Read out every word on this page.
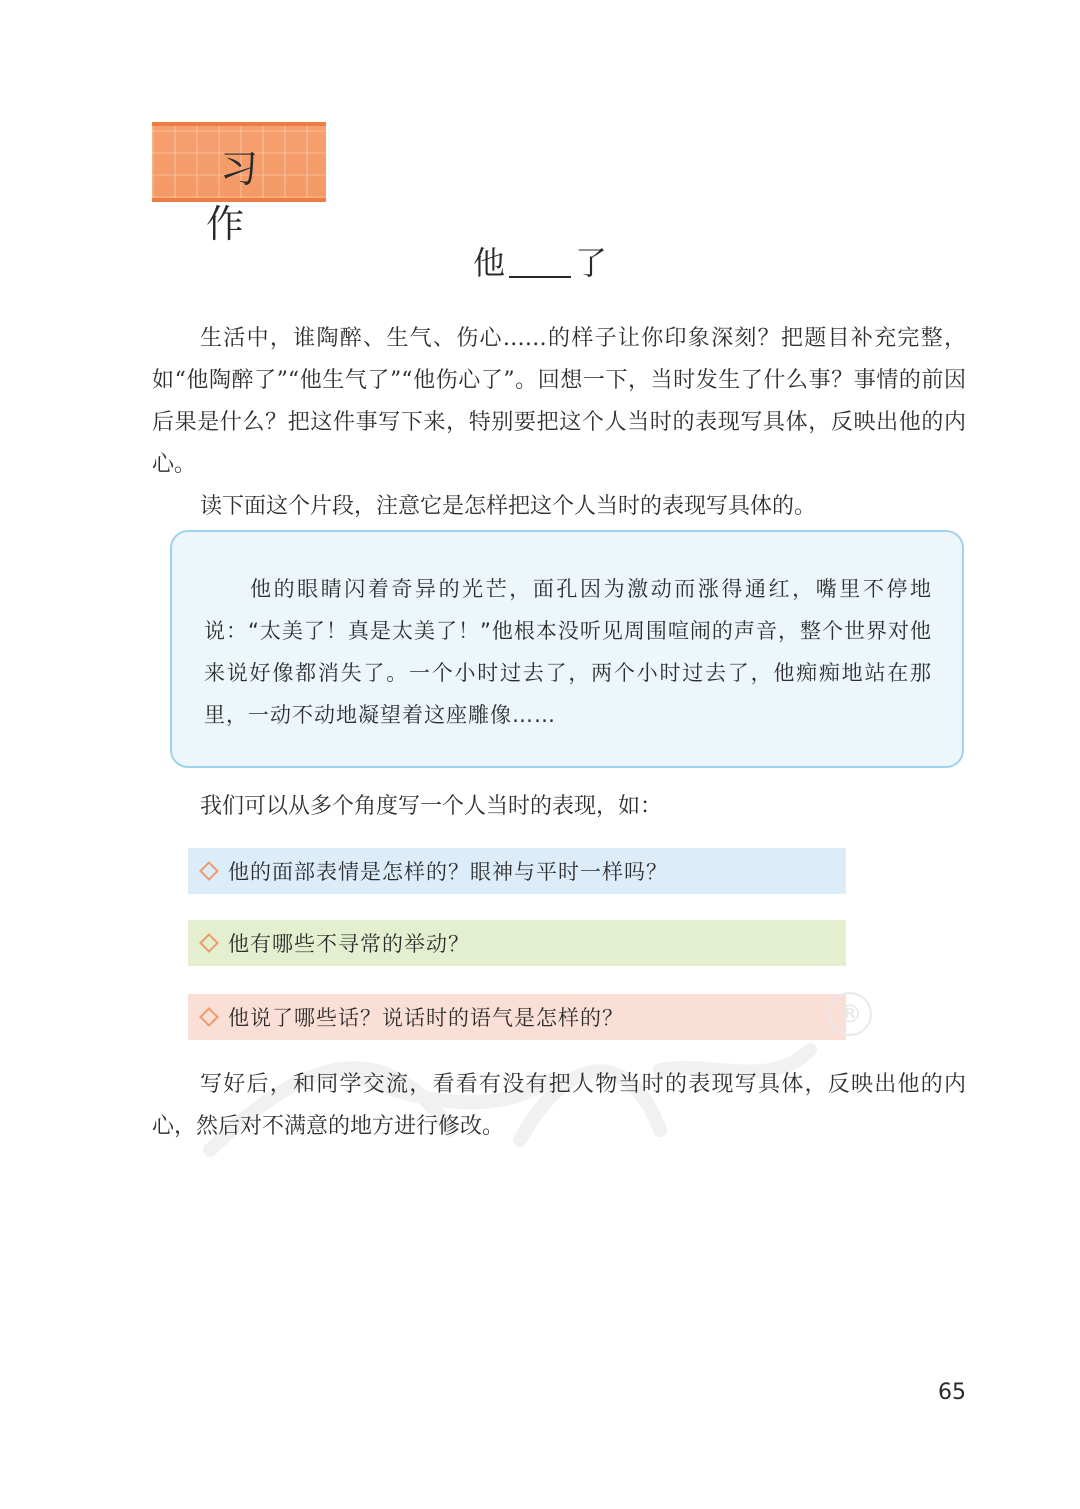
习 作
他 了

生活中，谁陶醉、生气、伤心……的样子让你印象深刻？把题目补充完整，如“他陶醉了”“他生气了”“他伤心了”。回想一下，当时发生了什么事？事情的前因后果是什么？把这件事写下来，特别要把这个人当时的表现写具体，反映出他的内心。

读下面这个片段，注意它是怎样把这个人当时的表现写具体的。

他的眼睛闪着奇异的光芒，面孔因为激动而涨得通红，嘴里不停地说：“太美了！真是太美了！”他根本没听见周围喧闹的声音，整个世界对他来说好像都消失了。一个小时过去了，两个小时过去了，他痴痴地站在那里，一动不动地凝望着这座雕像……

我们可以从多个角度写一个人当时的表现，如：

他的面部表情是怎样的？眼神与平时一样吗？
他有哪些不寻常的举动？
他说了哪些话？说话时的语气是怎样的？	®

写好后，和同学交流，看看有没有把人物当时的表现写具体，反映出他的内心，然后对不满意的地方进行修改。

65
